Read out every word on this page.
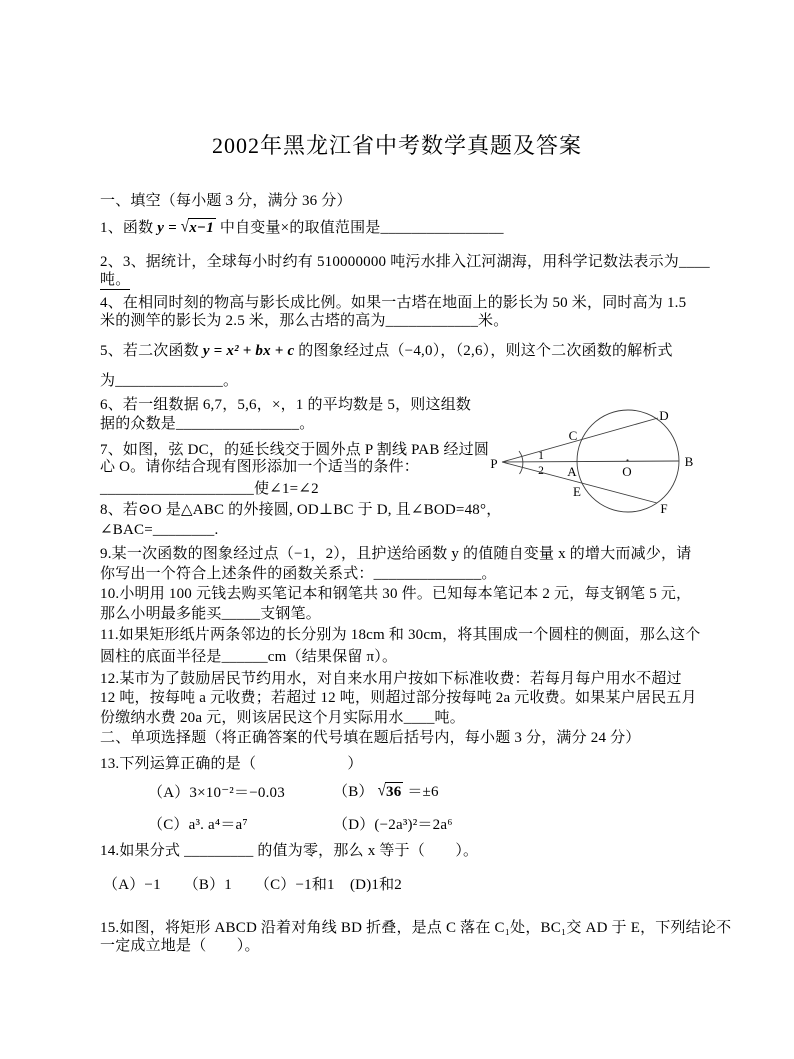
2002年黑龙江省中考数学真题及答案
一、填空（每小题 3 分，满分 36 分）
1、函数 y = √x−1 中自变量×的取值范围是________________
2、3、据统计，全球每小时约有 510000000 吨污水排入江河湖海，用科学记数法表示为____
吨。
4、在相同时刻的物高与影长成比例。如果一古塔在地面上的影长为 50 米，同时高为 1.5
米的测竿的影长为 2.5 米，那么古塔的高为____________米。
5、若二次函数 y = x² + bx + c 的图象经过点（−4,0），（2,6），则这个二次函数的解析式
为______________。
6、若一组数据 6,7，5,6，×，1 的平均数是 5，则这组数
据的众数是________________。
7、如图，弦 DC，的延长线交于圆外点 P 割线 PAB 经过圆
心 O。请你结合现有图形添加一个适当的条件：
____________________使∠1=∠2
8、若⊙O 是△ABC 的外接圆, OD⊥BC 于 D, 且∠BOD=48°，
∠BAC=________.
9.某一次函数的图象经过点（−1，2），且护送给函数 y 的值随自变量 x 的增大而减少，请
你写出一个符合上述条件的函数关系式：______________。
10.小明用 100 元钱去购买笔记本和钢笔共 30 件。已知每本笔记本 2 元，每支钢笔 5 元，
那么小明最多能买_____支钢笔。
11.如果矩形纸片两条邻边的长分别为 18cm 和 30cm，将其围成一个圆柱的侧面，那么这个
圆柱的底面半径是______cm（结果保留 π）。
12.某市为了鼓励居民节约用水，对自来水用户按如下标准收费：若每月每户用水不超过
12 吨，按每吨 a 元收费；若超过 12 吨，则超过部分按每吨 2a 元收费。如果某户居民五月
份缴纳水费 20a 元，则该居民这个月实际用水____吨。
二、单项选择题（将正确答案的代号填在题后括号内，每小题 3 分，满分 24 分）
13.下列运算正确的是（　　　　　　）
（A）3×10⁻²＝−0.03	（B） √36 ＝±6
（C）a³. a⁴＝a⁷	（D）(−2a³)²＝2a⁶
14.如果分式 _________ 的值为零，那么 x 等于（　　）。
（A）−1　　（B）1　　（C）−1和1　(D)1和2
15.如图，将矩形 ABCD 沿着对角线 BD 折叠，是点 C 落在 C₁处，BC₁交 AD 于 E，下列结论不
一定成立地是（　　）。
P
C
D
A	O
B
E
F
1
2
